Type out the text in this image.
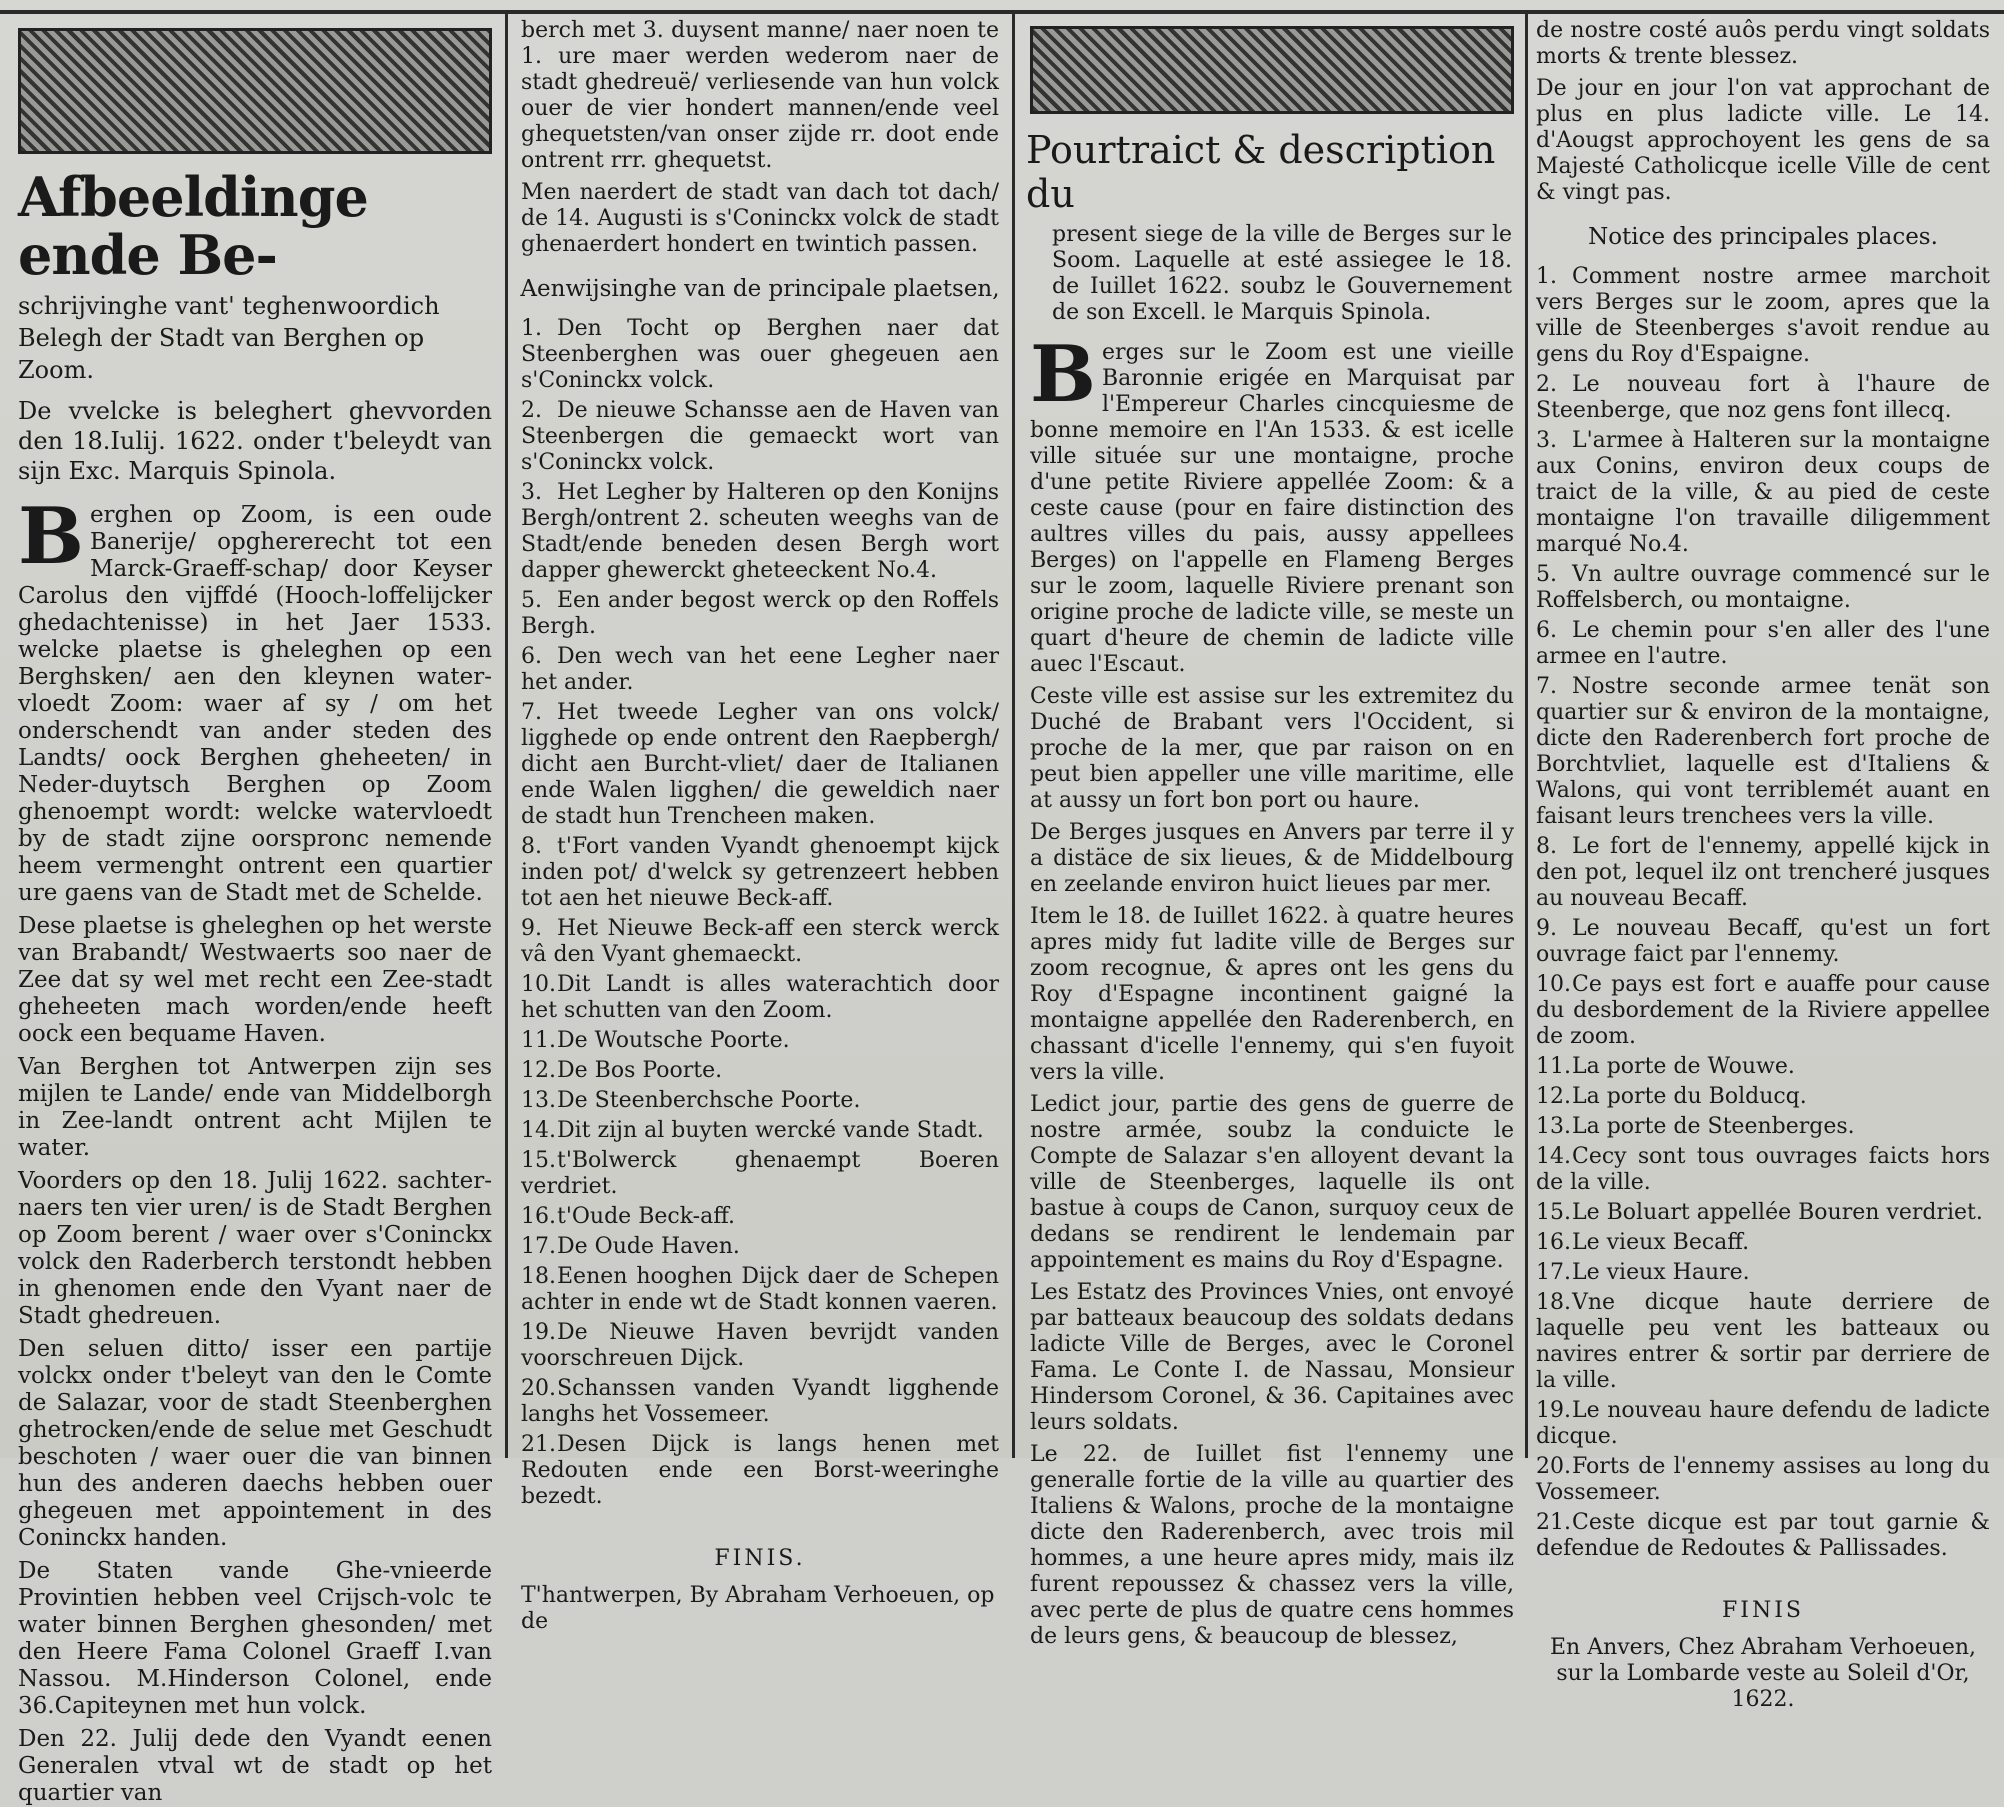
Afbeeldinge ende Be-
schrijvinghe vant' teghenwoordich Belegh der Stadt van Berghen op Zoom.
De vvelcke is beleghert ghevvorden den 18.Iulij. 1622. onder t'beleydt van sijn Exc. Marquis Spinola.
Berghen op Zoom, is een oude Banerije/ opghererecht tot een Marck-Graeff-schap/ door Keyser Carolus den vijffdé (Hooch-loffelijcker ghedachtenisse) in het Jaer 1533. welcke plaetse is gheleghen op een Berghsken/ aen den kleynen water-vloedt Zoom: waer af sy / om het onderschendt van ander steden des Landts/ oock Berghen gheheeten/ in Neder-duytsch Berghen op Zoom ghenoempt wordt: welcke watervloedt by de stadt zijne oorspronc nemende heem vermenght ontrent een quartier ure gaens van de Stadt met de Schelde.
Dese plaetse is gheleghen op het werste van Brabandt/ Westwaerts soo naer de Zee dat sy wel met recht een Zee-stadt gheheeten mach worden/ende heeft oock een bequame Haven.
Van Berghen tot Antwerpen zijn ses mijlen te Lande/ ende van Middelborgh in Zee-landt ontrent acht Mijlen te water.
Voorders op den 18. Julij 1622. sachter-naers ten vier uren/ is de Stadt Berghen op Zoom berent / waer over s'Coninckx volck den Raderberch terstondt hebben in ghenomen ende den Vyant naer de Stadt ghedreuen.
Den seluen ditto/ isser een partije volckx onder t'beleyt van den le Comte de Salazar, voor de stadt Steenberghen ghetrocken/ende de selue met Geschudt beschoten / waer ouer die van binnen hun des anderen daechs hebben ouer ghegeuen met appointement in des Coninckx handen.
De Staten vande Ghe-vnieerde Provintien hebben veel Crijsch-volc te water binnen Berghen ghesonden/ met den Heere Fama Colonel Graeff I.van Nassou. M.Hinderson Colonel, ende 36.Capiteynen met hun volck.
Den 22. Julij dede den Vyandt eenen Generalen vtval wt de stadt op het quartier van
berch met 3. duysent manne/ naer noen te 1. ure maer werden wederom naer de stadt ghedreuë/ verliesende van hun volck ouer de vier hondert mannen/ende veel ghequetsten/van onser zijde rr. doot ende ontrent rrr. ghequetst.
Men naerdert de stadt van dach tot dach/ de 14. Augusti is s'Coninckx volck de stadt ghenaerdert hondert en twintich passen.
Aenwijsinghe van de principale plaetsen,
1. Den Tocht op Berghen naer dat Steenberghen was ouer ghegeuen aen s'Coninckx volck.
2. De nieuwe Schansse aen de Haven van Steenbergen die gemaeckt wort van s'Coninckx volck.
3. Het Legher by Halteren op den Konijns Bergh/ontrent 2. scheuten weeghs van de Stadt/ende beneden desen Bergh wort dapper ghewerckt gheteeckent No.4.
5. Een ander begost werck op den Roffels Bergh.
6. Den wech van het eene Legher naer het ander.
7. Het tweede Legher van ons volck/ ligghede op ende ontrent den Raepbergh/ dicht aen Burcht-vliet/ daer de Italianen ende Walen ligghen/ die geweldich naer de stadt hun Trencheen maken.
8. t'Fort vanden Vyandt ghenoempt kijck inden pot/ d'welck sy getrenzeert hebben tot aen het nieuwe Beck-aff.
9. Het Nieuwe Beck-aff een sterck werck vâ den Vyant ghemaeckt.
10.Dit Landt is alles waterachtich door het schutten van den Zoom.
11.De Woutsche Poorte.
12.De Bos Poorte.
13.De Steenberchsche Poorte.
14.Dit zijn al buyten wercké vande Stadt.
15.t'Bolwerck ghenaempt Boeren verdriet.
16.t'Oude Beck-aff.
17.De Oude Haven.
18.Eenen hooghen Dijck daer de Schepen achter in ende wt de Stadt konnen vaeren.
19.De Nieuwe Haven bevrijdt vanden voorschreuen Dijck.
20.Schanssen vanden Vyandt ligghende langhs het Vossemeer.
21.Desen Dijck is langs henen met Redouten ende een Borst-weeringhe bezedt.
FINIS.
T'hantwerpen, By Abraham Verhoeuen, op de
Pourtraict & description du
present siege de la ville de Berges sur le Soom. Laquelle at esté assiegee le 18. de Iuillet 1622. soubz le Gouvernement de son Excell. le Marquis Spinola.
Berges sur le Zoom est une vieille Baronnie erigée en Marquisat par l'Empereur Charles cincquiesme de bonne memoire en l'An 1533. & est icelle ville située sur une montaigne, proche d'une petite Riviere appellée Zoom: & a ceste cause (pour en faire distinction des aultres villes du pais, aussy appellees Berges) on l'appelle en Flameng Berges sur le zoom, laquelle Riviere prenant son origine proche de ladicte ville, se meste un quart d'heure de chemin de ladicte ville auec l'Escaut.
Ceste ville est assise sur les extremitez du Duché de Brabant vers l'Occident, si proche de la mer, que par raison on en peut bien appeller une ville maritime, elle at aussy un fort bon port ou haure.
De Berges jusques en Anvers par terre il y a distäce de six lieues, & de Middelbourg en zeelande environ huict lieues par mer.
Item le 18. de Iuillet 1622. à quatre heures apres midy fut ladite ville de Berges sur zoom recognue, & apres ont les gens du Roy d'Espagne incontinent gaigné la montaigne appellée den Raderenberch, en chassant d'icelle l'ennemy, qui s'en fuyoit vers la ville.
Ledict jour, partie des gens de guerre de nostre armée, soubz la conduicte le Compte de Salazar s'en alloyent devant la ville de Steenberges, laquelle ils ont bastue à coups de Canon, surquoy ceux de dedans se rendirent le lendemain par appointement es mains du Roy d'Espagne.
Les Estatz des Provinces Vnies, ont envoyé par batteaux beaucoup des soldats dedans ladicte Ville de Berges, avec le Coronel Fama. Le Conte I. de Nassau, Monsieur Hindersom Coronel, & 36. Capitaines avec leurs soldats.
Le 22. de Iuillet fist l'ennemy une generalle fortie de la ville au quartier des Italiens & Walons, proche de la montaigne dicte den Raderenberch, avec trois mil hommes, a une heure apres midy, mais ilz furent repoussez & chassez vers la ville, avec perte de plus de quatre cens hommes de leurs gens, & beaucoup de blessez,
de nostre costé auôs perdu vingt soldats morts & trente blessez.
De jour en jour l'on vat approchant de plus en plus ladicte ville. Le 14. d'Aougst approchoyent les gens de sa Majesté Catholicque icelle Ville de cent & vingt pas.
Notice des principales places.
1. Comment nostre armee marchoit vers Berges sur le zoom, apres que la ville de Steenberges s'avoit rendue au gens du Roy d'Espaigne.
2. Le nouveau fort à l'haure de Steenberge, que noz gens font illecq.
3. L'armee à Halteren sur la montaigne aux Conins, environ deux coups de traict de la ville, & au pied de ceste montaigne l'on travaille diligemment marqué No.4.
5. Vn aultre ouvrage commencé sur le Roffelsberch, ou montaigne.
6. Le chemin pour s'en aller des l'une armee en l'autre.
7. Nostre seconde armee tenät son quartier sur & environ de la montaigne, dicte den Raderenberch fort proche de Borchtvliet, laquelle est d'Italiens & Walons, qui vont terriblemét auant en faisant leurs trenchees vers la ville.
8. Le fort de l'ennemy, appellé kijck in den pot, lequel ilz ont trencheré jusques au nouveau Becaff.
9. Le nouveau Becaff, qu'est un fort ouvrage faict par l'ennemy.
10.Ce pays est fort e auaffe pour cause du desbordement de la Riviere appellee de zoom.
11.La porte de Wouwe.
12.La porte du Bolducq.
13.La porte de Steenberges.
14.Cecy sont tous ouvrages faicts hors de la ville.
15.Le Boluart appellée Bouren verdriet.
16.Le vieux Becaff.
17.Le vieux Haure.
18.Vne dicque haute derriere de laquelle peu vent les batteaux ou navires entrer & sortir par derriere de la ville.
19.Le nouveau haure defendu de ladicte dicque.
20.Forts de l'ennemy assises au long du Vossemeer.
21.Ceste dicque est par tout garnie & defendue de Redoutes & Pallissades.
FINIS
En Anvers, Chez Abraham Verhoeuen, sur la Lombarde veste au Soleil d'Or, 1622.
